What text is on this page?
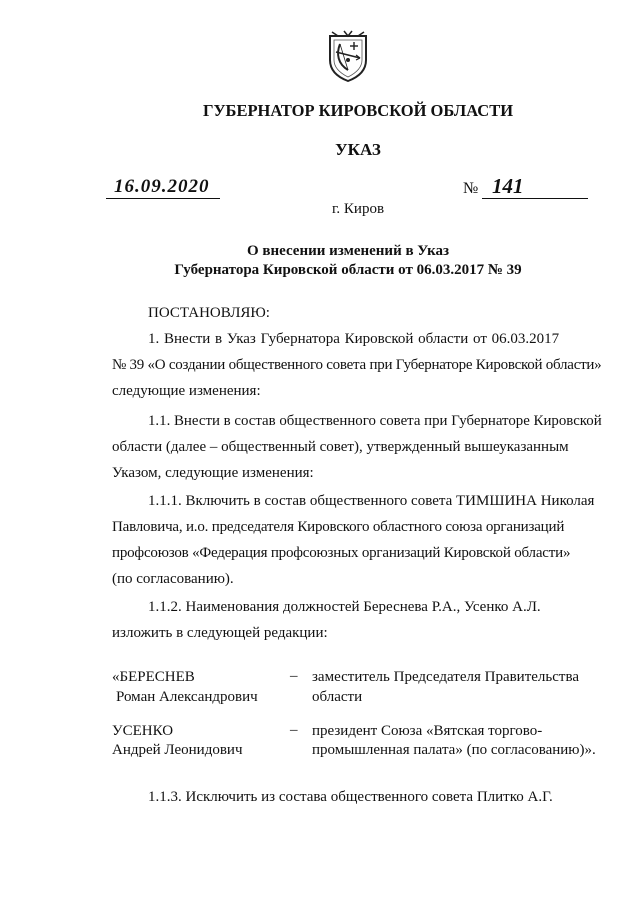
ГУБЕРНАТОР КИРОВСКОЙ ОБЛАСТИ
УКАЗ
16.09.2020	№ 141
г. Киров
О внесении изменений в Указ
Губернатора Кировской области от 06.03.2017 № 39
ПОСТАНОВЛЯЮ:
1. Внести в Указ Губернатора Кировской области от 06.03.2017
№ 39 «О создании общественного совета при Губернаторе Кировской области»
следующие изменения:
1.1. Внести в состав общественного совета при Губернаторе Кировской
области (далее – общественный совет), утвержденный вышеуказанным
Указом, следующие изменения:
1.1.1. Включить в состав общественного совета ТИМШИНА Николая
Павловича, и.о. председателя Кировского областного союза организаций
профсоюзов «Федерация профсоюзных организаций Кировской области»
(по согласованию).
1.1.2. Наименования должностей Береснева Р.А., Усенко А.Л.
изложить в следующей редакции:
«БЕРЕСНЕВ
Роман Александрович
– заместитель Председателя Правительства
области
УСЕНКО
Андрей Леонидович
– президент Союза «Вятская торгово-
промышленная палата» (по согласованию)».
1.1.3. Исключить из состава общественного совета Плитко А.Г.
